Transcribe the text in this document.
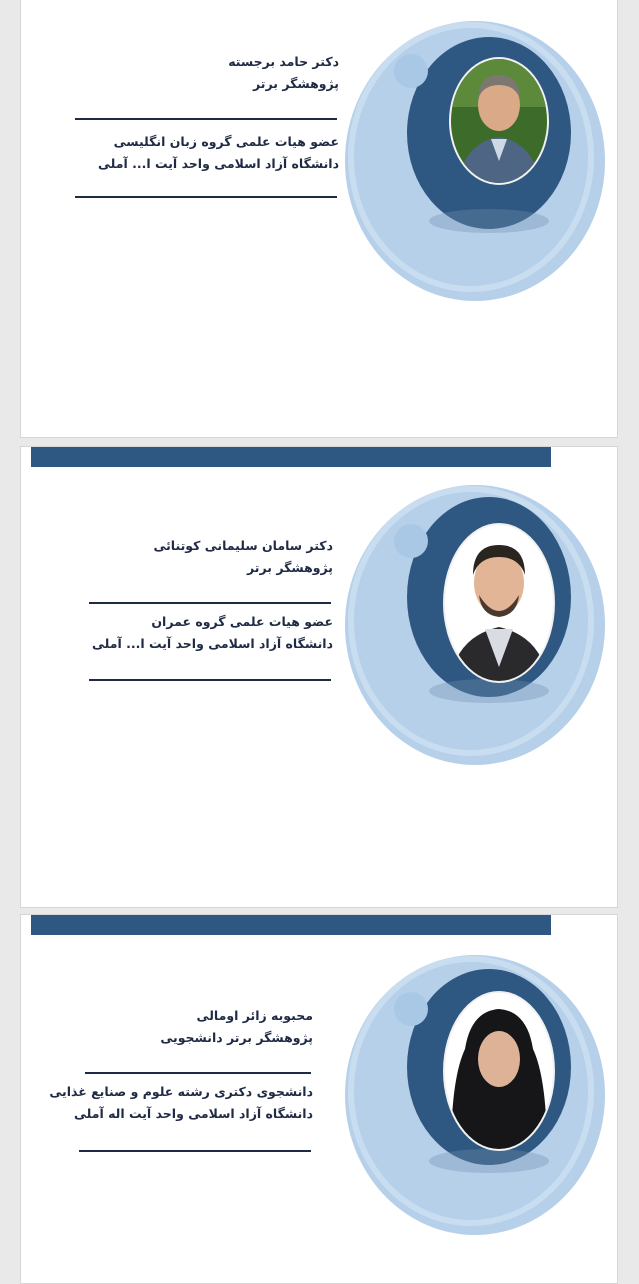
دکتر حامد برجسته
پژوهشگر برتر
عضو هیات علمی گروه زبان انگلیسی
دانشگاه آزاد اسلامی واحد آیت ا... آملی
دکتر سامان سلیمانی کوتنائی
پژوهشگر برتر
عضو هیات علمی گروه عمران
دانشگاه آزاد اسلامی واحد آیت ا... آملی
محبوبه زائر اومالی
پژوهشگر برتر دانشجویی
دانشجوی دکتری رشته علوم و صنایع غذایی
دانشگاه آزاد اسلامی واحد آیت اله آملی
